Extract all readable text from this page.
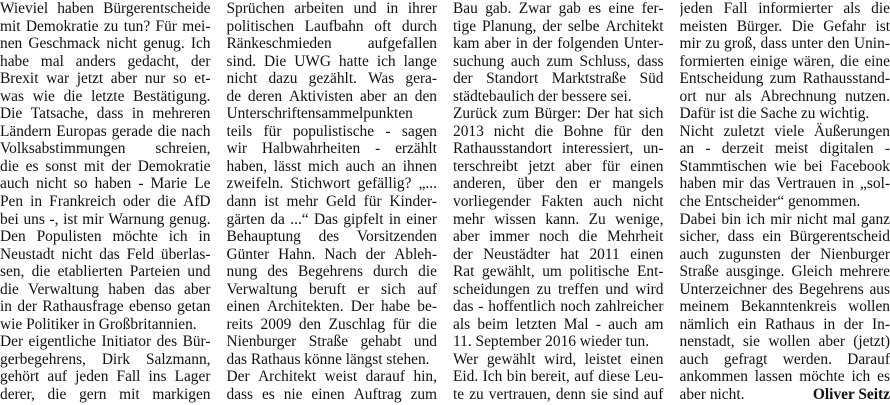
Wieviel haben Bürgerentscheide
mit Demokratie zu tun? Für mei-
nen Geschmack nicht genug. Ich
habe mal anders gedacht, der
Brexit war jetzt aber nur so et-
was wie die letzte Bestätigung.
Die Tatsache, dass in mehreren
Ländern Europas gerade die nach
Volksabstimmungen schreien,
die es sonst mit der Demokratie
auch nicht so haben - Marie Le
Pen in Frankreich oder die AfD
bei uns -, ist mir Warnung genug.
Den Populisten möchte ich in
Neustadt nicht das Feld überlas-
sen, die etablierten Parteien und
die Verwaltung haben das aber
in der Rathausfrage ebenso getan
wie Politiker in Großbritannien.
Der eigentliche Initiator des Bür-
gerbegehrens, Dirk Salzmann,
gehört auf jeden Fall ins Lager
derer, die gern mit markigen
Sprüchen arbeiten und in ihrer
politischen Laufbahn oft durch
Ränkeschmieden aufgefallen
sind. Die UWG hatte ich lange
nicht dazu gezählt. Was gera-
de deren Aktivisten aber an den
Unterschriftensammelpunkten
teils für populistische - sagen
wir Halbwahrheiten - erzählt
haben, lässt mich auch an ihnen
zweifeln. Stichwort gefällig? „...
dann ist mehr Geld für Kinder-
gärten da ...“ Das gipfelt in einer
Behauptung des Vorsitzenden
Günter Hahn. Nach der Ableh-
nung des Begehrens durch die
Verwaltung beruft er sich auf
einen Architekten. Der habe be-
reits 2009 den Zuschlag für die
Nienburger Straße gehabt und
das Rathaus könne längst stehen.
Der Architekt weist darauf hin,
dass es nie einen Auftrag zum
Bau gab. Zwar gab es eine fer-
tige Planung, der selbe Architekt
kam aber in der folgenden Unter-
suchung auch zum Schluss, dass
der Standort Marktstraße Süd
städtebaulich der bessere sei.
Zurück zum Bürger: Der hat sich
2013 nicht die Bohne für den
Rathausstandort interessiert, un-
terschreibt jetzt aber für einen
anderen, über den er mangels
vorliegender Fakten auch nicht
mehr wissen kann. Zu wenige,
aber immer noch die Mehrheit
der Neustädter hat 2011 einen
Rat gewählt, um politische Ent-
scheidungen zu treffen und wird
das - hoffentlich noch zahlreicher
als beim letzten Mal - auch am
11. September 2016 wieder tun.
Wer gewählt wird, leistet einen
Eid. Ich bin bereit, auf diese Leu-
te zu vertrauen, denn sie sind auf
jeden Fall informierter als die
meisten Bürger. Die Gefahr ist
mir zu groß, dass unter den Unin-
formierten einige wären, die eine
Entscheidung zum Rathausstand-
ort nur als Abrechnung nutzen.
Dafür ist die Sache zu wichtig.
Nicht zuletzt viele Äußerungen
an - derzeit meist digitalen -
Stammtischen wie bei Facebook
haben mir das Vertrauen in „sol-
che Entscheider“ genommen.
Dabei bin ich mir nicht mal ganz
sicher, dass ein Bürgerentscheid
auch zugunsten der Nienburger
Straße ausginge. Gleich mehrere
Unterzeichner des Begehrens aus
meinem Bekanntenkreis wollen
nämlich ein Rathaus in der In-
nenstadt, sie wollen aber (jetzt)
auch gefragt werden. Darauf
ankommen lassen möchte ich es
aber nicht.	Oliver Seitz
